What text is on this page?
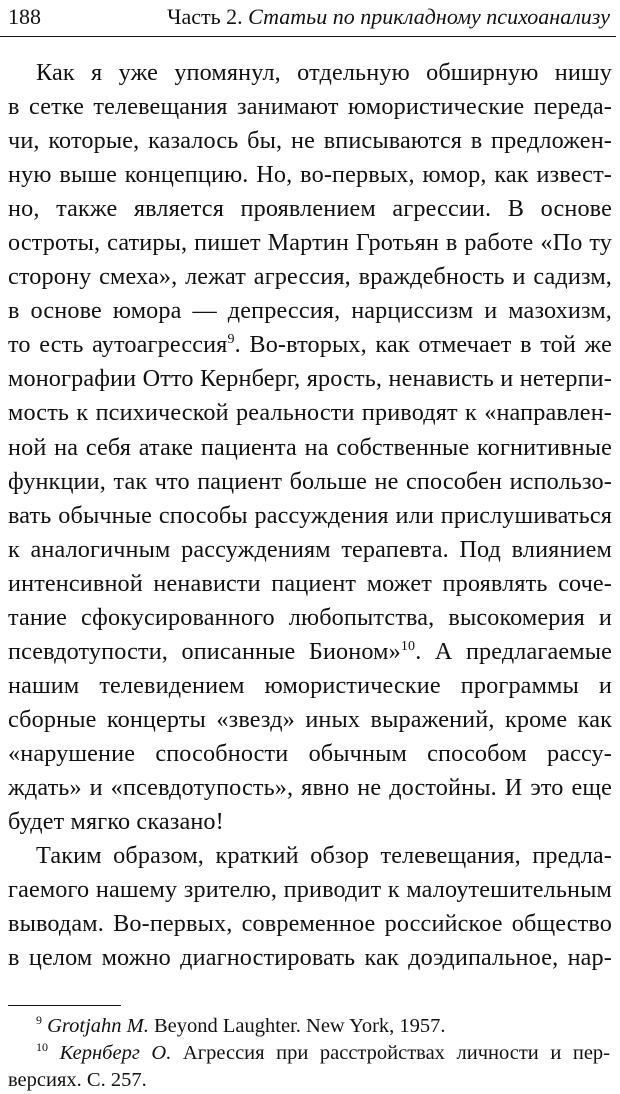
188	Часть 2. Статьи по прикладному психоанализу
Как я уже упомянул, отдельную обширную нишу
в сетке телевещания занимают юмористические переда-
чи, которые, казалось бы, не вписываются в предложен-
ную выше концепцию. Но, во-первых, юмор, как извест-
но, также является проявлением агрессии. В основе
остроты, сатиры, пишет Мартин Гротьян в работе «По ту
сторону смеха», лежат агрессия, враждебность и садизм,
в основе юмора — депрессия, нарциссизм и мазохизм,
то есть аутоагрессия$^9$. Во-вторых, как отмечает в той же
монографии Отто Кернберг, ярость, ненависть и нетерпи-
мость к психической реальности приводят к «направлен-
ной на себя атаке пациента на собственные когнитивные
функции, так что пациент больше не способен использо-
вать обычные способы рассуждения или прислушиваться
к аналогичным рассуждениям терапевта. Под влиянием
интенсивной ненависти пациент может проявлять соче-
тание сфокусированного любопытства, высокомерия и
псевдотупости, описанные Бионом»$^{10}$. А предлагаемые
нашим телевидением юмористические программы и
сборные концерты «звезд» иных выражений, кроме как
«нарушение способности обычным способом рассу-
ждать» и «псевдотупость», явно не достойны. И это еще
будет мягко сказано!
Таким образом, краткий обзор телевещания, предла-
гаемого нашему зрителю, приводит к малоутешительным
выводам. Во-первых, современное российское общество
в целом можно диагностировать как доэдипальное, нар-
$^9$ Grotjahn M. Beyond Laughter. New York, 1957.
$^{10}$ Кернберг О. Агрессия при расстройствах личности и пер-
версиях. С. 257.
